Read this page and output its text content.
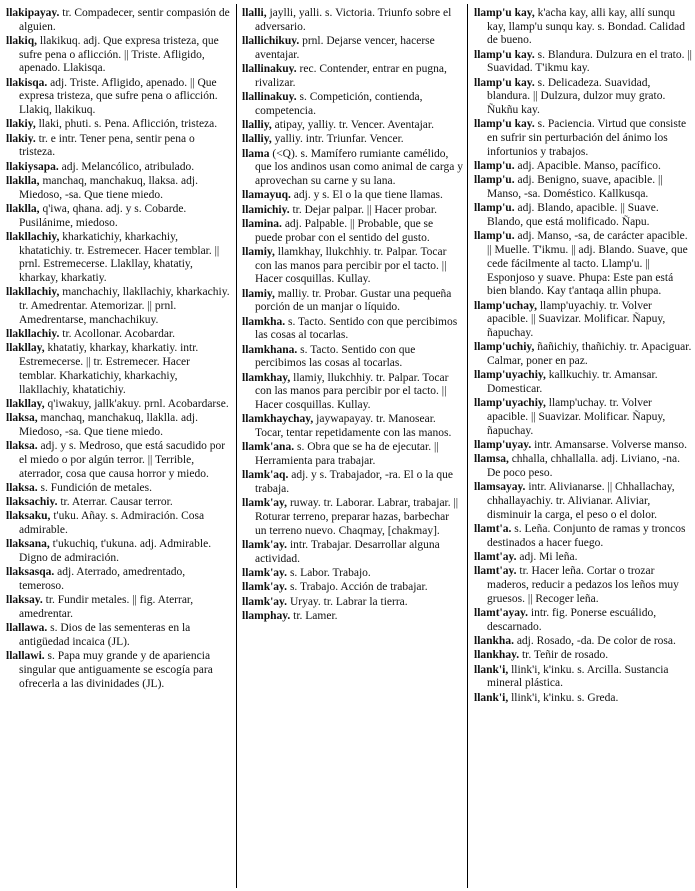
llakipayay. tr. Compadecer, sentir compasión de alguien.

llakiq, llakikuq. adj. Que expresa tristeza, que sufre pena o aflicción. || Triste. Afligido, apenado. Llakisqa.

llakisqa. adj. Triste. Afligido, apenado. || Que expresa tristeza, que sufre pena o aflicción. Llakiq, llakikuq.

llakiy, llaki, phuti. s. Pena. Aflicción, tristeza.

llakiy. tr. e intr. Tener pena, sentir pena o tristeza.

llakiysapa. adj. Melancólico, atribulado.

llaklla, manchaq, manchakuq, llaksa. adj. Miedoso, -sa. Que tiene miedo.

llaklla, q'iwa, qhana. adj. y s. Cobarde. Pusilánime, miedoso.

llakllachiy, kharkatichiy, kharkachiy, khatatichiy. tr. Estremecer. Hacer temblar. || prnl. Estremecerse. Llakllay, khatatiy, kharkay, kharkatiy.

llakllachiy, manchachiy, llakllachiy, kharkachiy. tr. Amedrentar. Atemorizar. || prnl. Amedrentarse, manchachikuy.

llakllachiy. tr. Acollonar. Acobardar.

llakllay, khatatiy, kharkay, kharkatiy. intr. Estremecerse. || tr. Estremecer. Hacer temblar. Kharkatichiy, kharkachiy, llakllachiy, khatatichiy.

llakllay, q'iwakuy, jallk'akuy. prnl. Acobardarse.

llaksa, manchaq, manchakuq, llaklla. adj. Miedoso, -sa. Que tiene miedo.

llaksa. adj. y s. Medroso, que está sacudido por el miedo o por algún terror. || Terrible, aterrador, cosa que causa horror y miedo.

llaksa. s. Fundición de metales.

llaksachiy. tr. Aterrar. Causar terror.

llaksaku, t'uku. Añay. s. Admiración. Cosa admirable.

llaksana, t'ukuchiq, t'ukuna. adj. Admirable. Digno de admiración.

llaksasqa. adj. Aterrado, amedrentado, temeroso.

llaksay. tr. Fundir metales. || fig. Aterrar, amedrentar.

llallawa. s. Dios de las sementeras en la antigüedad incaica (JL).

llallawi. s. Papa muy grande y de apariencia singular que antiguamente se escogía para ofrecerla a las divinidades (JL).

llalli, jaylli, yalli. s. Victoria. Triunfo sobre el adversario.

llallichikuy. prnl. Dejarse vencer, hacerse aventajar.

llallinakuy. rec. Contender, entrar en pugna, rivalizar.

llallinakuy. s. Competición, contienda, competencia.

llalliy, atipay, yalliy. tr. Vencer. Aventajar.

llalliy, yalliy. intr. Triunfar. Vencer.

llama (<Q). s. Mamífero rumiante camélido, que los andinos usan como animal de carga y aprovechan su carne y su lana.

llamayuq. adj. y s. El o la que tiene llamas.

llamichiy. tr. Dejar palpar. || Hacer probar.

llamina. adj. Palpable. || Probable, que se puede probar con el sentido del gusto.

llamiy, llamkhay, llukchhiy. tr. Palpar. Tocar con las manos para percibir por el tacto. || Hacer cosquillas. Kullay.

llamiy, malliy. tr. Probar. Gustar una pequeña porción de un manjar o líquido.

llamkha. s. Tacto. Sentido con que percibimos las cosas al tocarlas.

llamkhana. s. Tacto. Sentido con que percibimos las cosas al tocarlas.

llamkhay, llamiy, llukchhiy. tr. Palpar. Tocar con las manos para percibir por el tacto. || Hacer cosquillas. Kullay.

llamkhaychay, jaywapayay. tr. Manosear. Tocar, tentar repetidamente con las manos.

llamk'ana. s. Obra que se ha de ejecutar. || Herramienta para trabajar.

llamk'aq. adj. y s. Trabajador, -ra. El o la que trabaja.

llamk'ay, ruway. tr. Laborar. Labrar, trabajar. || Roturar terreno, preparar hazas, barbechar un terreno nuevo. Chaqmay, [chakmay].

llamk'ay. intr. Trabajar. Desarrollar alguna actividad.

llamk'ay. s. Labor. Trabajo.

llamk'ay. s. Trabajo. Acción de trabajar.

llamk'ay. Uryay. tr. Labrar la tierra.

llamphay. tr. Lamer.

llamp'u kay, k'acha kay, alli kay, allí sunqu kay, llamp'u sunqu kay. s. Bondad. Calidad de bueno.

llamp'u kay. s. Blandura. Dulzura en el trato. || Suavidad. T'ikmu kay.

llamp'u kay. s. Delicadeza. Suavidad, blandura. || Dulzura, dulzor muy grato. Ñukñu kay.

llamp'u kay. s. Paciencia. Virtud que consiste en sufrir sin perturbación del ánimo los infortunios y trabajos.

llamp'u. adj. Apacible. Manso, pacífico.

llamp'u. adj. Benigno, suave, apacible. || Manso, -sa. Doméstico. Kallkusqa.

llamp'u. adj. Blando, apacible. || Suave. Blando, que está molificado. Ñapu.

llamp'u. adj. Manso, -sa, de carácter apacible. || Muelle. T'ikmu. || adj. Blando. Suave, que cede fácilmente al tacto. Llamp'u. || Esponjoso y suave. Phupa: Este pan está bien blando. Kay t'antaqa allin phupa.

llamp'uchay, llamp'uyachiy. tr. Volver apacible. || Suavizar. Molificar. Ñapuy, ñapuchay.

llamp'uchiy, ñañichiy, thañichiy. tr. Apaciguar. Calmar, poner en paz.

llamp'uyachiy, kallkuchiy. tr. Amansar. Domesticar.

llamp'uyachiy, llamp'uchay. tr. Volver apacible. || Suavizar. Molificar. Ñapuy, ñapuchay.

llamp'uyay. intr. Amansarse. Volverse manso.

llamsa, chhalla, chhallalla. adj. Liviano, -na. De poco peso.

llamsayay. intr. Alivianarse. || Chhallachay, chhallayachiy. tr. Alivianar. Aliviar, disminuir la carga, el peso o el dolor.

llamt'a. s. Leña. Conjunto de ramas y troncos destinados a hacer fuego.

llamt'ay. adj. Mi leña.

llamt'ay. tr. Hacer leña. Cortar o trozar maderos, reducir a pedazos los leños muy gruesos. || Recoger leña.

llamt'ayay. intr. fig. Ponerse escuálido, descarnado.

llankha. adj. Rosado, -da. De color de rosa.

llankhay. tr. Teñir de rosado.

llank'i, llink'i, k'inku. s. Arcilla. Sustancia mineral plástica.

llank'i, llink'i, k'inku. s. Greda.
